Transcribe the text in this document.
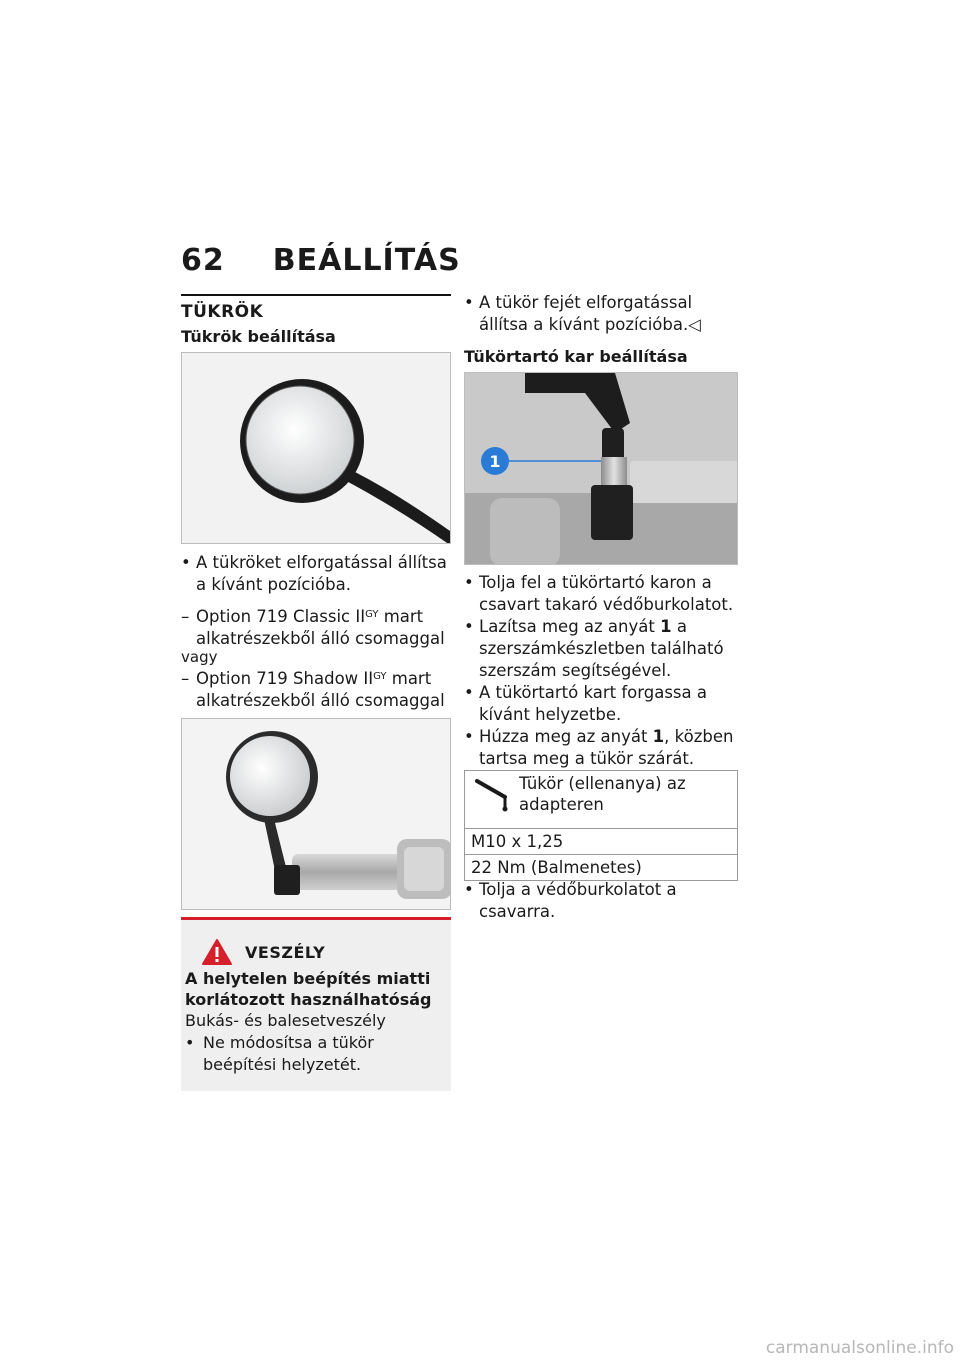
62 BEÁLLÍTÁS
TÜKRÖK
Tükrök beállítása
• A tükröket elforgatással állítsa a kívánt pozícióba.
– Option 719 Classic $II^{GY}$ mart alkatrészekből álló csomaggal
vagy
– Option 719 Shadow $II^{GY}$ mart alkatrészekből álló csomaggal
VESZÉLY
A helytelen beépítés miatti korlátozott használhatóság
Bukás- és balesetveszély
• Ne módosítsa a tükör beépítési helyzetét.
• A tükör fejét elforgatással állítsa a kívánt pozícióba.◁
Tükörtartó kar beállítása
1
• Tolja fel a tükörtartó karon a csavart takaró védőburkolatot.
• Lazítsa meg az anyát 1 a szerszámkészletben található szerszám segítségével.
• A tükörtartó kart forgassa a kívánt helyzetbe.
• Húzza meg az anyát 1, közben tartsa meg a tükör szárát.
Tükör (ellenanya) az adapteren

M10 x 1,25
22 Nm (Balmenetes)
• Tolja a védőburkolatot a csavarra.
carmanualsonline.info
